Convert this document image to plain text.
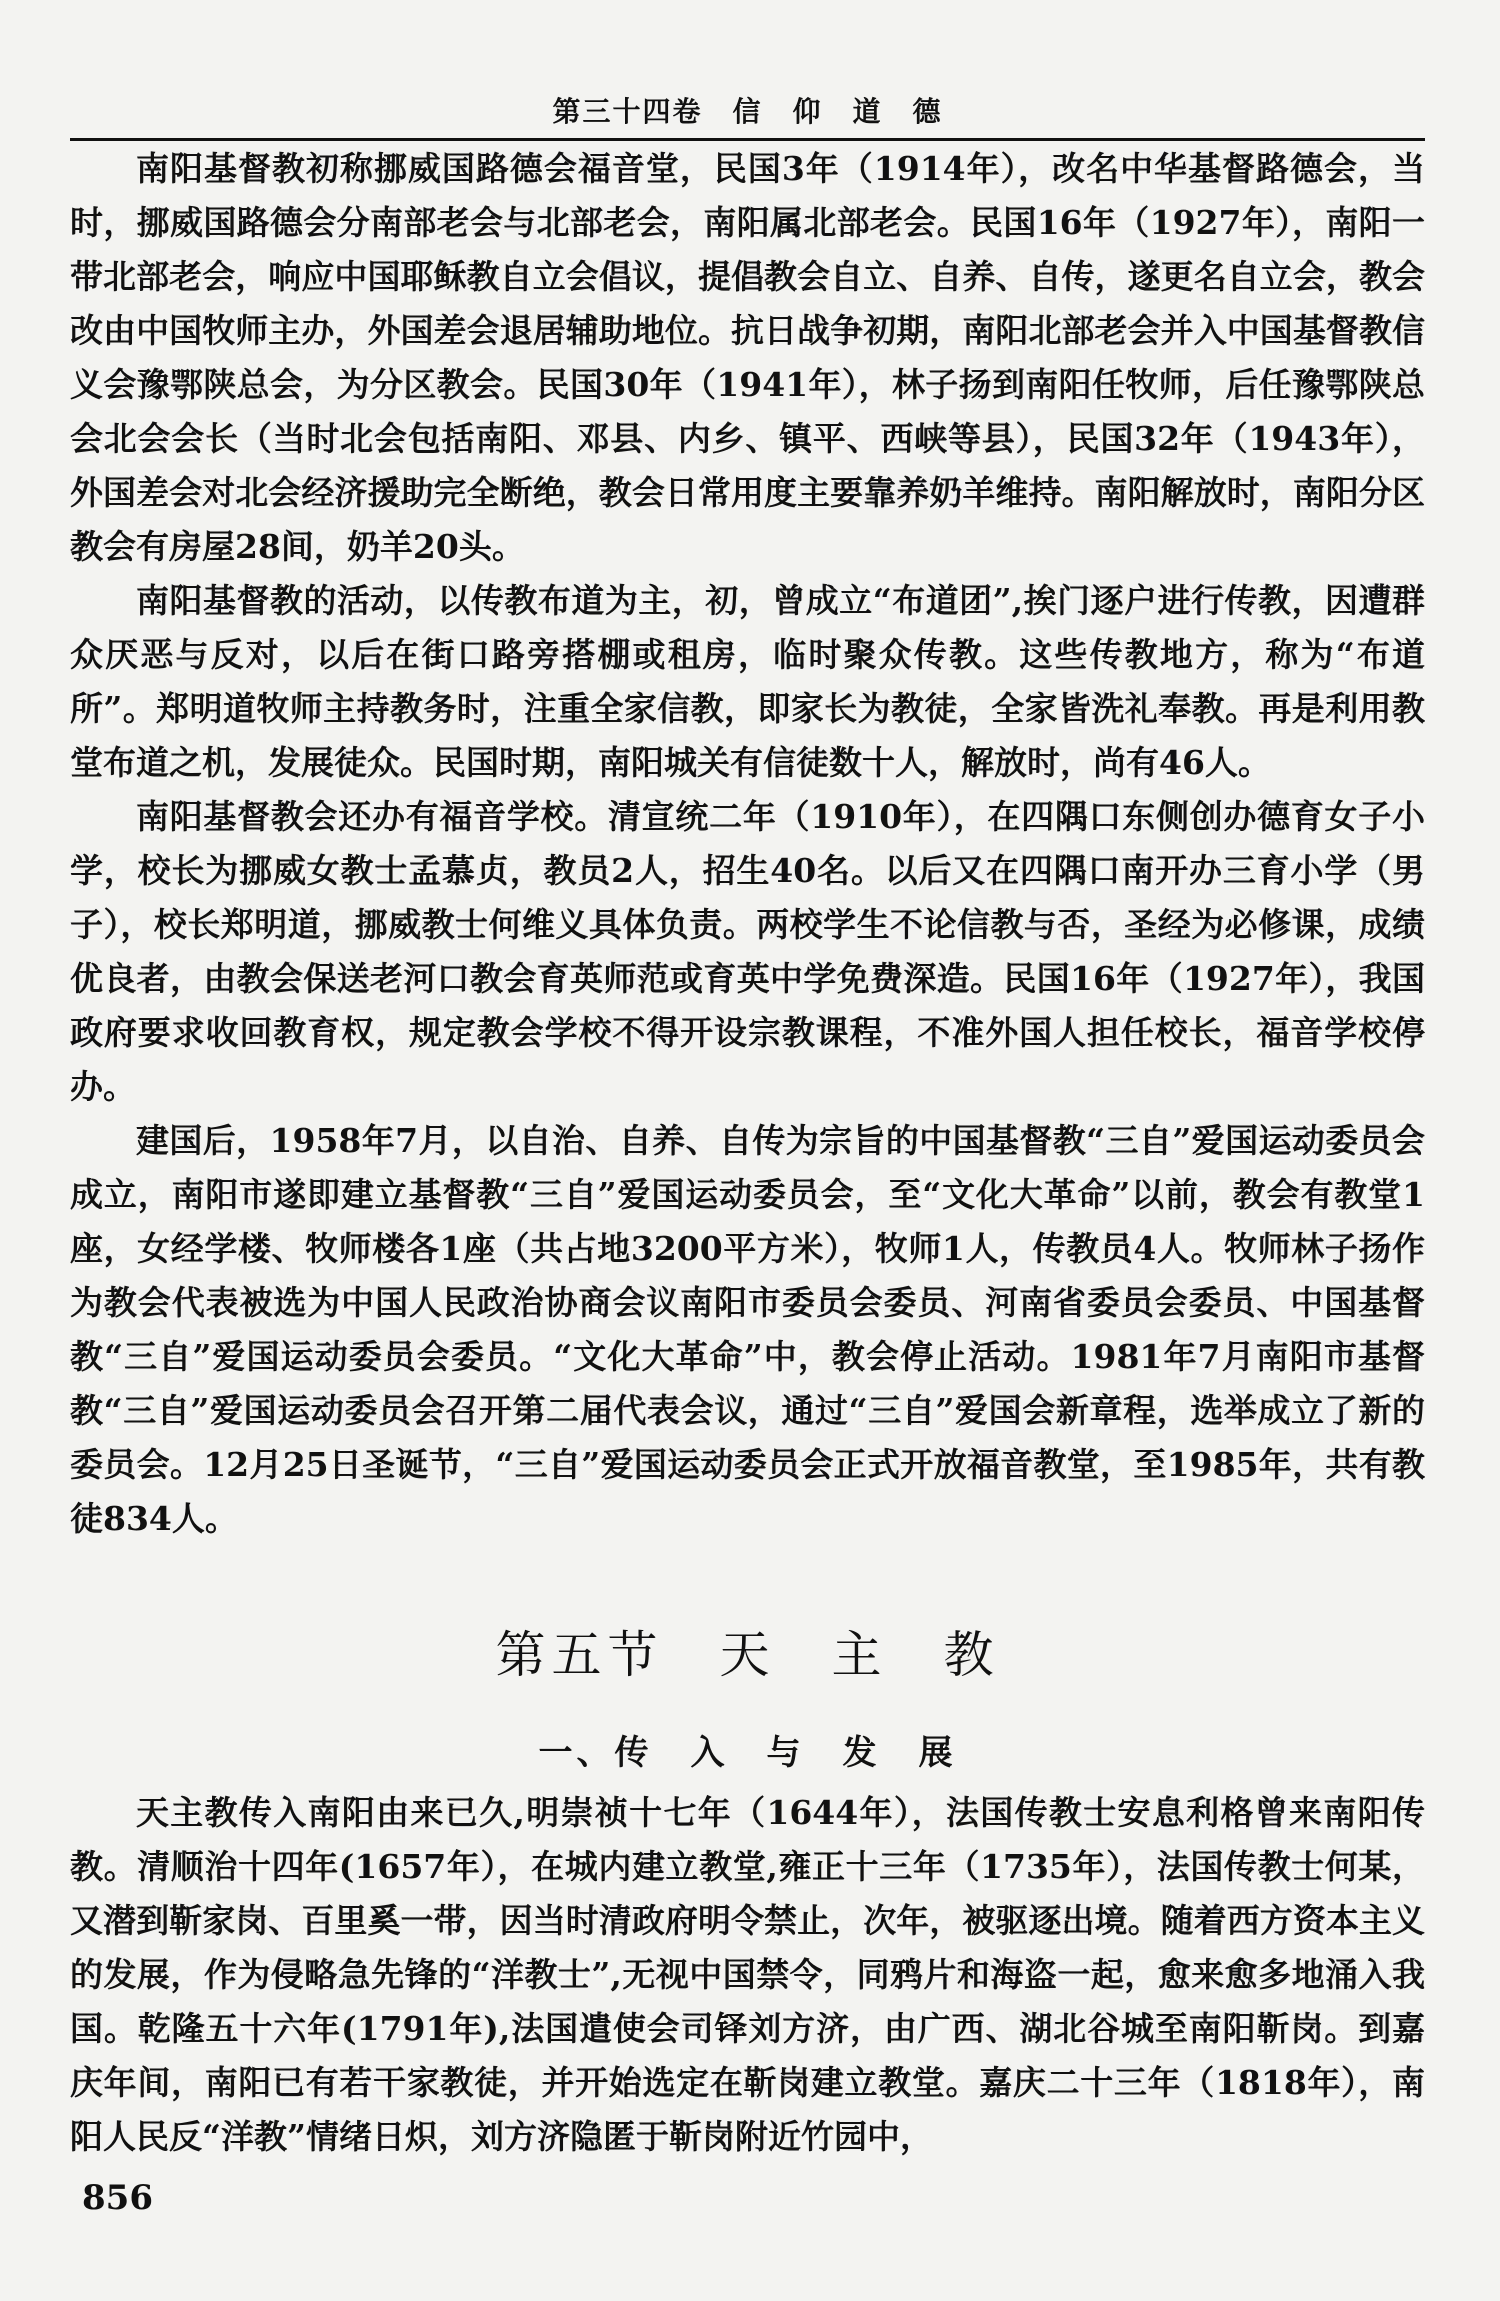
第三十四卷　信　仰　道　德

南阳基督教初称挪威国路德会福音堂，民国3年（1914年），改名中华基督路德会，当时，挪威国路德会分南部老会与北部老会，南阳属北部老会。民国16年（1927年），南阳一带北部老会，响应中国耶稣教自立会倡议，提倡教会自立、自养、自传，遂更名自立会，教会改由中国牧师主办，外国差会退居辅助地位。抗日战争初期，南阳北部老会并入中国基督教信义会豫鄂陕总会，为分区教会。民国30年（1941年），林子扬到南阳任牧师，后任豫鄂陕总会北会会长（当时北会包括南阳、邓县、内乡、镇平、西峡等县），民国32年（1943年），外国差会对北会经济援助完全断绝，教会日常用度主要靠养奶羊维持。南阳解放时，南阳分区教会有房屋28间，奶羊20头。

南阳基督教的活动，以传教布道为主，初，曾成立“布道团”,挨门逐户进行传教，因遭群众厌恶与反对，以后在街口路旁搭棚或租房，临时聚众传教。这些传教地方，称为“布道所”。郑明道牧师主持教务时，注重全家信教，即家长为教徒，全家皆洗礼奉教。再是利用教堂布道之机，发展徒众。民国时期，南阳城关有信徒数十人，解放时，尚有46人。

南阳基督教会还办有福音学校。清宣统二年（1910年），在四隅口东侧创办德育女子小学，校长为挪威女教士孟慕贞，教员2人，招生40名。以后又在四隅口南开办三育小学（男子），校长郑明道，挪威教士何维义具体负责。两校学生不论信教与否，圣经为必修课，成绩优良者，由教会保送老河口教会育英师范或育英中学免费深造。民国16年（1927年），我国政府要求收回教育权，规定教会学校不得开设宗教课程，不准外国人担任校长，福音学校停办。

建国后，1958年7月，以自治、自养、自传为宗旨的中国基督教“三自”爱国运动委员会成立，南阳市遂即建立基督教“三自”爱国运动委员会，至“文化大革命”以前，教会有教堂1座，女经学楼、牧师楼各1座（共占地3200平方米），牧师1人，传教员4人。牧师林子扬作为教会代表被选为中国人民政治协商会议南阳市委员会委员、河南省委员会委员、中国基督教“三自”爱国运动委员会委员。“文化大革命”中，教会停止活动。1981年7月南阳市基督教“三自”爱国运动委员会召开第二届代表会议，通过“三自”爱国会新章程，选举成立了新的委员会。12月25日圣诞节，“三自”爱国运动委员会正式开放福音教堂，至1985年，共有教徒834人。

第五节　天　主　教
一、传　入　与　发　展

天主教传入南阳由来已久,明崇祯十七年（1644年），法国传教士安息利格曾来南阳传教。清顺治十四年(1657年），在城内建立教堂,雍正十三年（1735年），法国传教士何某，又潜到靳家岗、百里奚一带，因当时清政府明令禁止，次年，被驱逐出境。随着西方资本主义的发展，作为侵略急先锋的“洋教士”,无视中国禁令，同鸦片和海盗一起，愈来愈多地涌入我国。乾隆五十六年(1791年),法国遣使会司铎刘方济，由广西、湖北谷城至南阳靳岗。到嘉庆年间，南阳已有若干家教徒，并开始选定在靳岗建立教堂。嘉庆二十三年（1818年），南阳人民反“洋教”情绪日炽，刘方济隐匿于靳岗附近竹园中，

856
